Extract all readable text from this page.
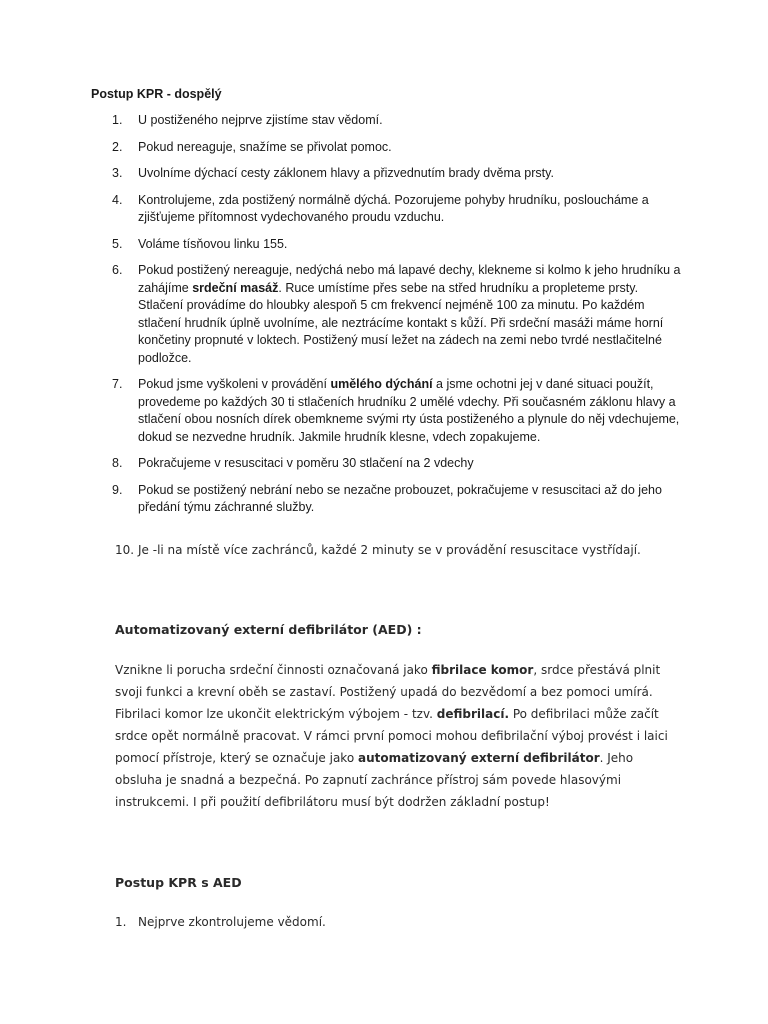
Postup KPR - dospělý

1. U postiženého nejprve zjistíme stav vědomí.
2. Pokud nereaguje, snažíme se přivolat pomoc.
3. Uvolníme dýchací cesty záklonem hlavy a přizvednutím brady dvěma prsty.
4. Kontrolujeme, zda postižený normálně dýchá. Pozorujeme pohyby hrudníku, posloucháme a zjišťujeme přítomnost vydechovaného proudu vzduchu.
5. Voláme tísňovou linku 155.
6. Pokud postižený nereaguje, nedýchá nebo má lapavé dechy, klekneme si kolmo k jeho hrudníku a zahájíme srdeční masáž. Ruce umístíme přes sebe na střed hrudníku a propleteme prsty. Stlačení provádíme do hloubky alespoň 5 cm frekvencí nejméně 100 za minutu. Po každém stlačení hrudník úplně uvolníme, ale neztrácíme kontakt s kůží. Při srdeční masáži máme horní končetiny propnuté v loktech. Postižený musí ležet na zádech na zemi nebo tvrdé nestlačitelné podložce.
7. Pokud jsme vyškoleni v provádění umělého dýchání a jsme ochotni jej v dané situaci použít, provedeme po každých 30 ti stlačeních hrudníku 2 umělé vdechy. Při současném záklonu hlavy a stlačení obou nosních dírek obemkneme svými rty ústa postiženého a plynule do něj vdechujeme, dokud se nezvedne hrudník. Jakmile hrudník klesne, vdech zopakujeme.
8. Pokračujeme v resuscitaci v poměru 30 stlačení na 2 vdechy
9. Pokud se postižený nebrání nebo se nezačne probouzet, pokračujeme v resuscitaci až do jeho předání týmu záchranné služby.
10. Je -li na místě více zachránců, každé 2 minuty se v provádění resuscitace vystřídají.

Automatizovaný externí defibrilátor (AED) :

Vznikne li porucha srdeční činnosti označovaná jako fibrilace komor, srdce přestává plnit svoji funkci a krevní oběh se zastaví. Postižený upadá do bezvědomí a bez pomoci umírá. Fibrilaci komor lze ukončit elektrickým výbojem - tzv. defibrilací. Po defibrilaci může začít srdce opět normálně pracovat. V rámci první pomoci mohou defibrilační výboj provést i laici pomocí přístroje, který se označuje jako automatizovaný externí defibrilátor. Jeho obsluha je snadná a bezpečná. Po zapnutí zachránce přístroj sám povede hlasovými instrukcemi. I při použití defibrilátoru musí být dodržen základní postup!

Postup KPR s AED

1. Nejprve zkontrolujeme vědomí.
